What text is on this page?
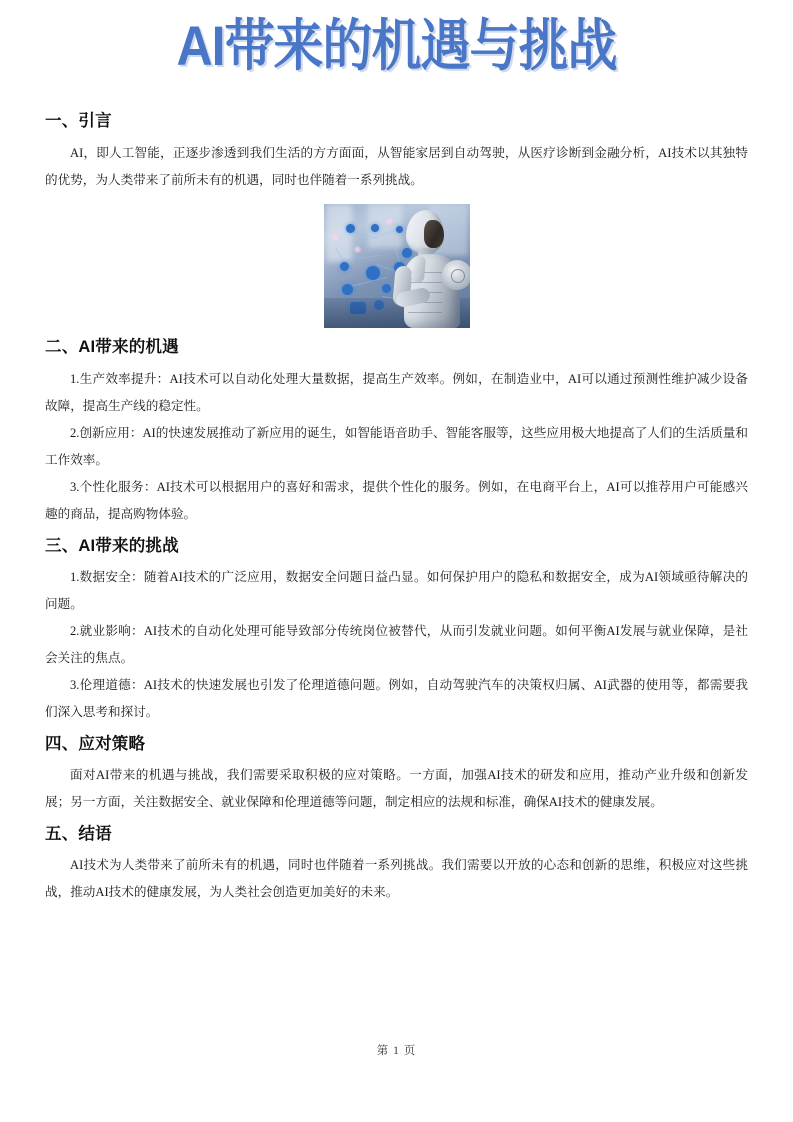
AI带来的机遇与挑战
一、引言

AI，即人工智能，正逐步渗透到我们生活的方方面面，从智能家居到自动驾驶，从医疗诊断到金融分析，AI技术以其独特的优势，为人类带来了前所未有的机遇，同时也伴随着一系列挑战。

二、AI带来的机遇

1.生产效率提升：AI技术可以自动化处理大量数据，提高生产效率。例如，在制造业中，AI可以通过预测性维护减少设备故障，提高生产线的稳定性。

2.创新应用：AI的快速发展推动了新应用的诞生，如智能语音助手、智能客服等，这些应用极大地提高了人们的生活质量和工作效率。

3.个性化服务：AI技术可以根据用户的喜好和需求，提供个性化的服务。例如，在电商平台上，AI可以推荐用户可能感兴趣的商品，提高购物体验。

三、AI带来的挑战

1.数据安全：随着AI技术的广泛应用，数据安全问题日益凸显。如何保护用户的隐私和数据安全，成为AI领域亟待解决的问题。

2.就业影响：AI技术的自动化处理可能导致部分传统岗位被替代，从而引发就业问题。如何平衡AI发展与就业保障，是社会关注的焦点。

3.伦理道德：AI技术的快速发展也引发了伦理道德问题。例如，自动驾驶汽车的决策权归属、AI武器的使用等，都需要我们深入思考和探讨。

四、应对策略

面对AI带来的机遇与挑战，我们需要采取积极的应对策略。一方面，加强AI技术的研发和应用，推动产业升级和创新发展；另一方面，关注数据安全、就业保障和伦理道德等问题，制定相应的法规和标准，确保AI技术的健康发展。

五、结语

AI技术为人类带来了前所未有的机遇，同时也伴随着一系列挑战。我们需要以开放的心态和创新的思维，积极应对这些挑战，推动AI技术的健康发展，为人类社会创造更加美好的未来。

第 1 页
